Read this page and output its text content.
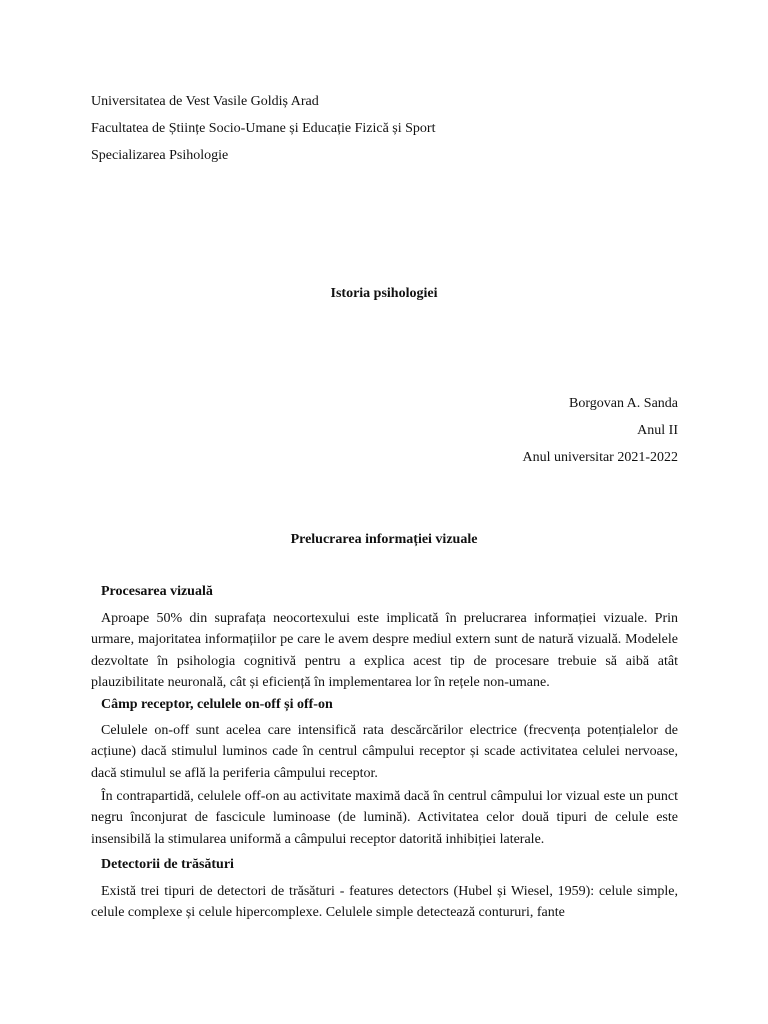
Universitatea de Vest Vasile Goldiș Arad
Facultatea de Științe Socio-Umane și Educație Fizică și Sport
Specializarea Psihologie
Istoria psihologiei
Borgovan A. Sanda
Anul II
Anul universitar 2021-2022
Prelucrarea informației vizuale
Procesarea vizuală

Aproape 50% din suprafața neocortexului este implicată în prelucrarea informației vizuale. Prin urmare, majoritatea informațiilor pe care le avem despre mediul extern sunt de natură vizuală. Modelele dezvoltate în psihologia cognitivă pentru a explica acest tip de procesare trebuie să aibă atât plauzibilitate neuronală, cât și eficiență în implementarea lor în rețele non-umane.

Câmp receptor, celulele on-off și off-on

Celulele on-off sunt acelea care intensifică rata descărcărilor electrice (frecvența potențialelor de acțiune) dacă stimulul luminos cade în centrul câmpului receptor și scade activitatea celulei nervoase, dacă stimulul se află la periferia câmpului receptor.

În contrapartidă, celulele off-on au activitate maximă dacă în centrul câmpului lor vizual este un punct negru înconjurat de fascicule luminoase (de lumină). Activitatea celor două tipuri de celule este insensibilă la stimularea uniformă a câmpului receptor datorită inhibiției laterale.

Detectorii de trăsături

Există trei tipuri de detectori de trăsături - features detectors (Hubel și Wiesel, 1959): celule simple, celule complexe și celule hipercomplexe. Celulele simple detectează contururi, fante
